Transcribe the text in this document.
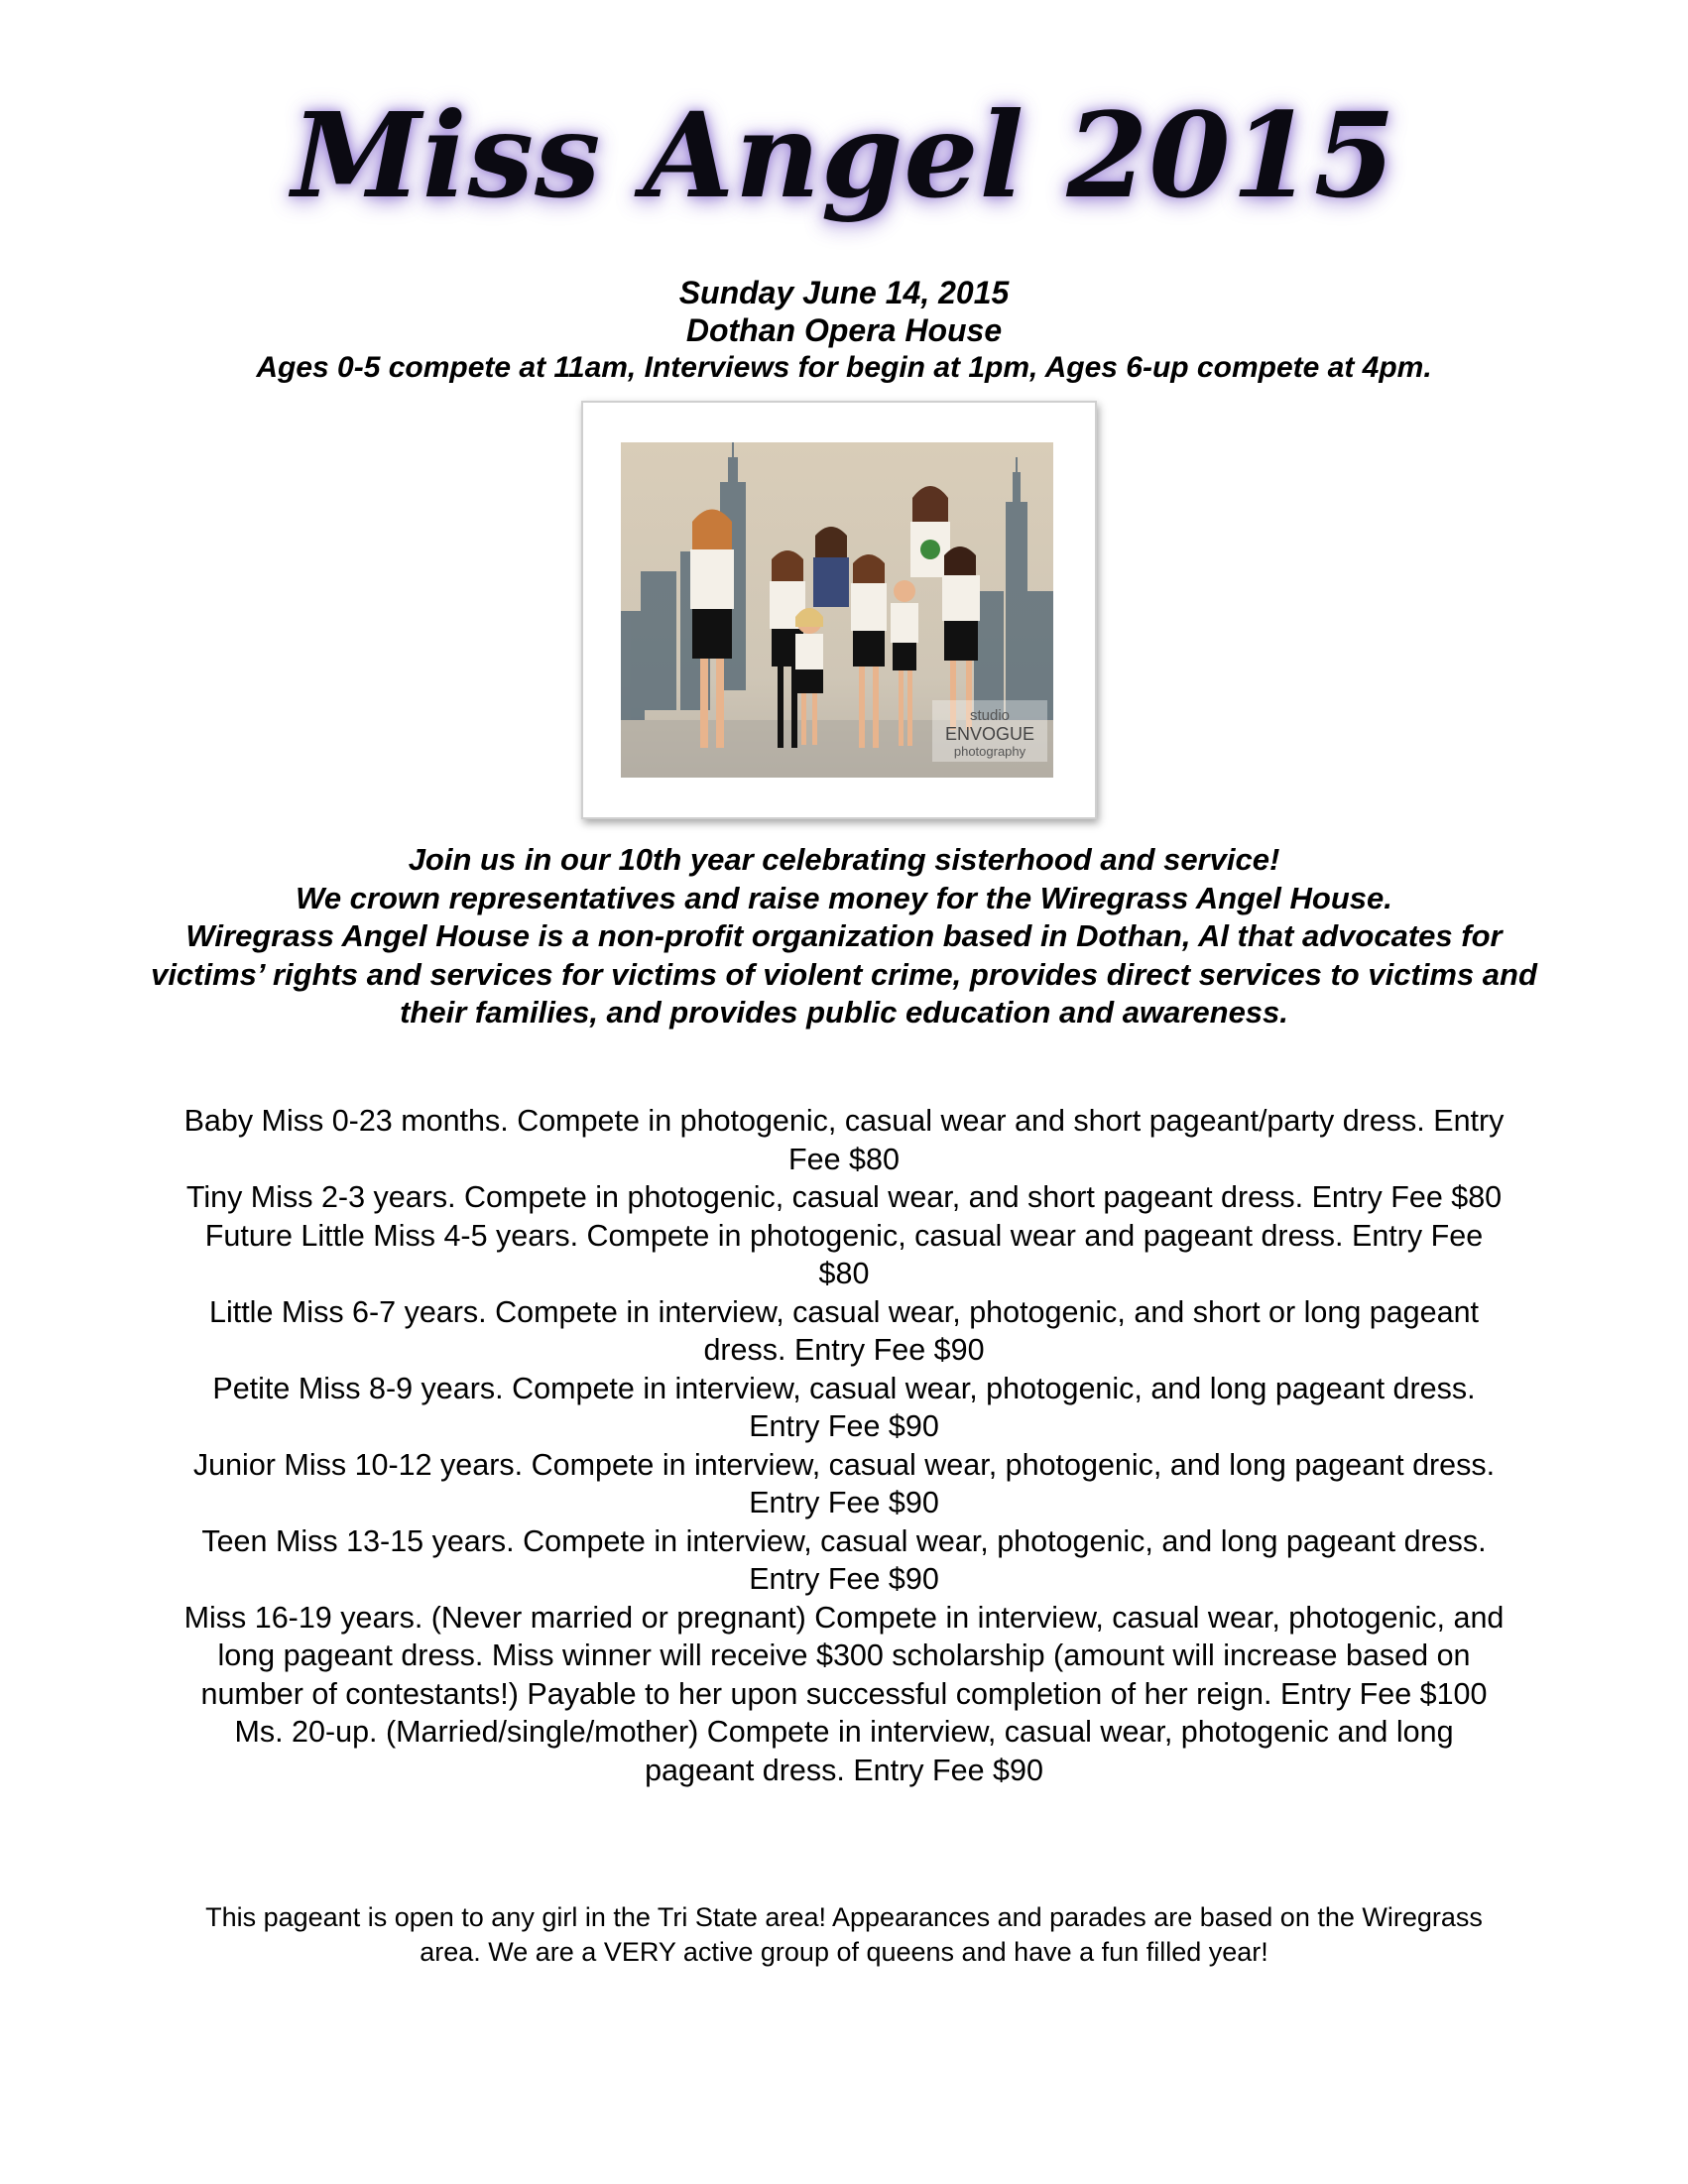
Miss Angel 2015
Sunday June 14, 2015
Dothan Opera House
Ages 0-5 compete at 11am, Interviews for begin at 1pm, Ages 6-up compete at 4pm.
studio
ENVOGUE
photography

Join us in our 10th year celebrating sisterhood and service!

We crown representatives and raise money for the Wiregrass Angel House.

Wiregrass Angel House is a non-profit organization based in Dothan, Al that advocates for victims’ rights and services for victims of violent crime, provides direct services to victims and their families, and provides public education and awareness.

Baby Miss 0-23 months. Compete in photogenic, casual wear and short pageant/party dress. Entry Fee $80

Tiny Miss 2-3 years. Compete in photogenic, casual wear, and short pageant dress. Entry Fee $80

Future Little Miss 4-5 years. Compete in photogenic, casual wear and pageant dress. Entry Fee $80

Little Miss 6-7 years. Compete in interview, casual wear, photogenic, and short or long pageant dress. Entry Fee $90

Petite Miss 8-9 years. Compete in interview, casual wear, photogenic, and long pageant dress. Entry Fee $90

Junior Miss 10-12 years. Compete in interview, casual wear, photogenic, and long pageant dress. Entry Fee $90

Teen Miss 13-15 years. Compete in interview, casual wear, photogenic, and long pageant dress. Entry Fee $90

Miss 16-19 years. (Never married or pregnant) Compete in interview, casual wear, photogenic, and long pageant dress. Miss winner will receive $300 scholarship (amount will increase based on number of contestants!) Payable to her upon successful completion of her reign. Entry Fee $100

Ms. 20-up. (Married/single/mother) Compete in interview, casual wear, photogenic and long pageant dress. Entry Fee $90

This pageant is open to any girl in the Tri State area! Appearances and parades are based on the Wiregrass area. We are a VERY active group of queens and have a fun filled year!
